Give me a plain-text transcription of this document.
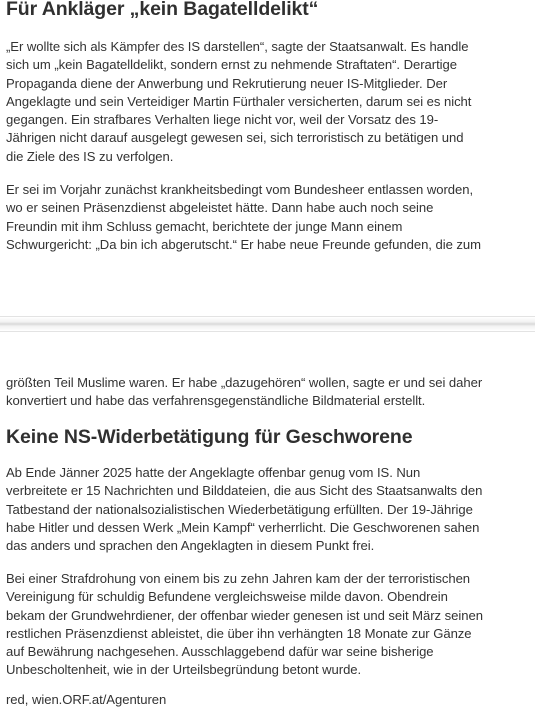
Für Ankläger „kein Bagatelldelikt“

„Er wollte sich als Kämpfer des IS darstellen“, sagte der Staatsanwalt. Es handle
sich um „kein Bagatelldelikt, sondern ernst zu nehmende Straftaten“. Derartige
Propaganda diene der Anwerbung und Rekrutierung neuer IS-Mitglieder. Der
Angeklagte und sein Verteidiger Martin Fürthaler versicherten, darum sei es nicht
gegangen. Ein strafbares Verhalten liege nicht vor, weil der Vorsatz des 19-
Jährigen nicht darauf ausgelegt gewesen sei, sich terroristisch zu betätigen und
die Ziele des IS zu verfolgen.

Er sei im Vorjahr zunächst krankheitsbedingt vom Bundesheer entlassen worden,
wo er seinen Präsenzdienst abgeleistet hätte. Dann habe auch noch seine
Freundin mit ihm Schluss gemacht, berichtete der junge Mann einem
Schwurgericht: „Da bin ich abgerutscht.“ Er habe neue Freunde gefunden, die zum

größten Teil Muslime waren. Er habe „dazugehören“ wollen, sagte er und sei daher
konvertiert und habe das verfahrensgegenständliche Bildmaterial erstellt.

Keine NS-Widerbetätigung für Geschworene

Ab Ende Jänner 2025 hatte der Angeklagte offenbar genug vom IS. Nun
verbreitete er 15 Nachrichten und Bilddateien, die aus Sicht des Staatsanwalts den
Tatbestand der nationalsozialistischen Wiederbetätigung erfüllten. Der 19-Jährige
habe Hitler und dessen Werk „Mein Kampf“ verherrlicht. Die Geschworenen sahen
das anders und sprachen den Angeklagten in diesem Punkt frei.

Bei einer Strafdrohung von einem bis zu zehn Jahren kam der der terroristischen
Vereinigung für schuldig Befundene vergleichsweise milde davon. Obendrein
bekam der Grundwehrdiener, der offenbar wieder genesen ist und seit März seinen
restlichen Präsenzdienst ableistet, die über ihn verhängten 18 Monate zur Gänze
auf Bewährung nachgesehen. Ausschlaggebend dafür war seine bisherige
Unbescholtenheit, wie in der Urteilsbegründung betont wurde.

red, wien.ORF.at/Agenturen
